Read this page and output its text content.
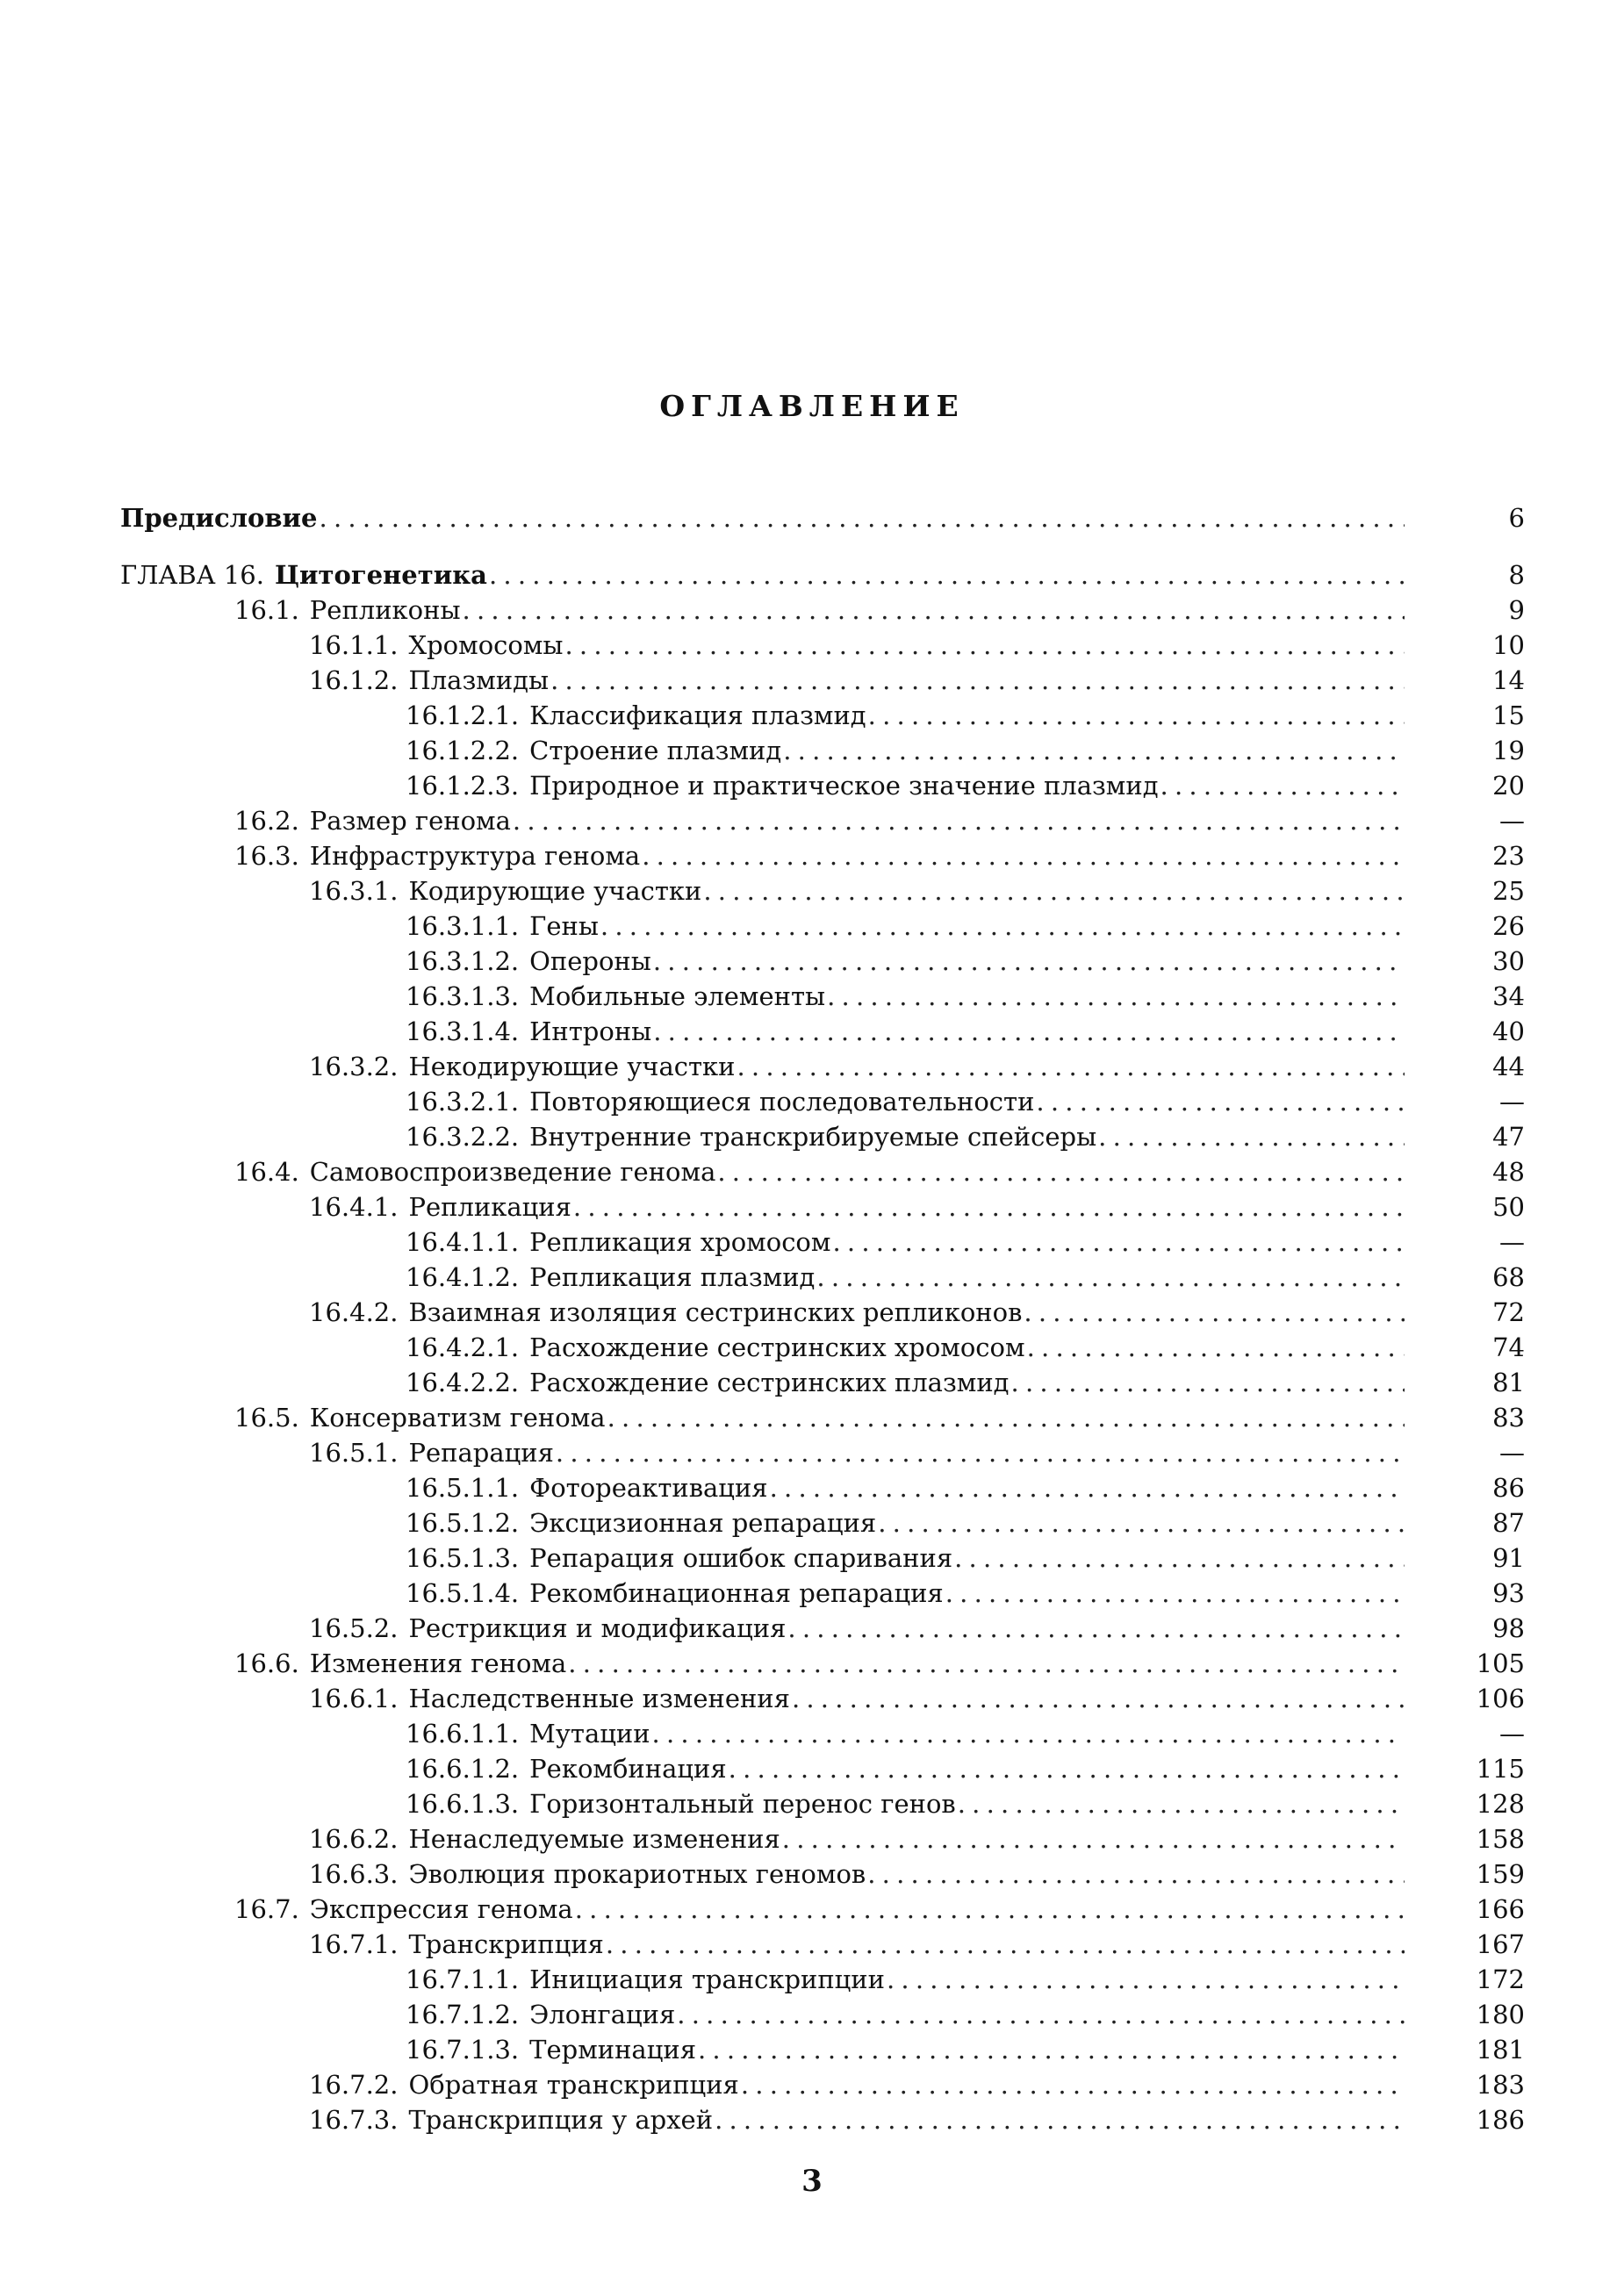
ОГЛАВЛЕНИЕ
Предисловие . . .	6
ГЛАВА 16. Цитогенетика . . .	8
16.1. Репликоны . . .	9
16.1.1. Хромосомы . . .	10
16.1.2. Плазмиды . . .	14
16.1.2.1. Классификация плазмид . . .	15
16.1.2.2. Строение плазмид . . .	19
16.1.2.3. Природное и практическое значение плазмид . . .	20
16.2. Размер генома . . .	—
16.3. Инфраструктура генома . . .	23
16.3.1. Кодирующие участки . . .	25
16.3.1.1. Гены . . .	26
16.3.1.2. Опероны . . .	30
16.3.1.3. Мобильные элементы . . .	34
16.3.1.4. Интроны . . .	40
16.3.2. Некодирующие участки . . .	44
16.3.2.1. Повторяющиеся последовательности . . .	—
16.3.2.2. Внутренние транскрибируемые спейсеры . . .	47
16.4. Самовоспроизведение генома . . .	48
16.4.1. Репликация . . .	50
16.4.1.1. Репликация хромосом . . .	—
16.4.1.2. Репликация плазмид . . .	68
16.4.2. Взаимная изоляция сестринских репликонов . . .	72
16.4.2.1. Расхождение сестринских хромосом . . .	74
16.4.2.2. Расхождение сестринских плазмид . . .	81
16.5. Консерватизм генома . . .	83
16.5.1. Репарация . . .	—
16.5.1.1. Фотореактивация . . .	86
16.5.1.2. Эксцизионная репарация . . .	87
16.5.1.3. Репарация ошибок спаривания . . .	91
16.5.1.4. Рекомбинационная репарация . . .	93
16.5.2. Рестрикция и модификация . . .	98
16.6. Изменения генома . . .	105
16.6.1. Наследственные изменения . . .	106
16.6.1.1. Мутации . . .	—
16.6.1.2. Рекомбинация . . .	115
16.6.1.3. Горизонтальный перенос генов . . .	128
16.6.2. Ненаследуемые изменения . . .	158
16.6.3. Эволюция прокариотных геномов . . .	159
16.7. Экспрессия генома . . .	166
16.7.1. Транскрипция . . .	167
16.7.1.1. Инициация транскрипции . . .	172
16.7.1.2. Элонгация . . .	180
16.7.1.3. Терминация . . .	181
16.7.2. Обратная транскрипция . . .	183
16.7.3. Транскрипция у архей . . .	186
3
